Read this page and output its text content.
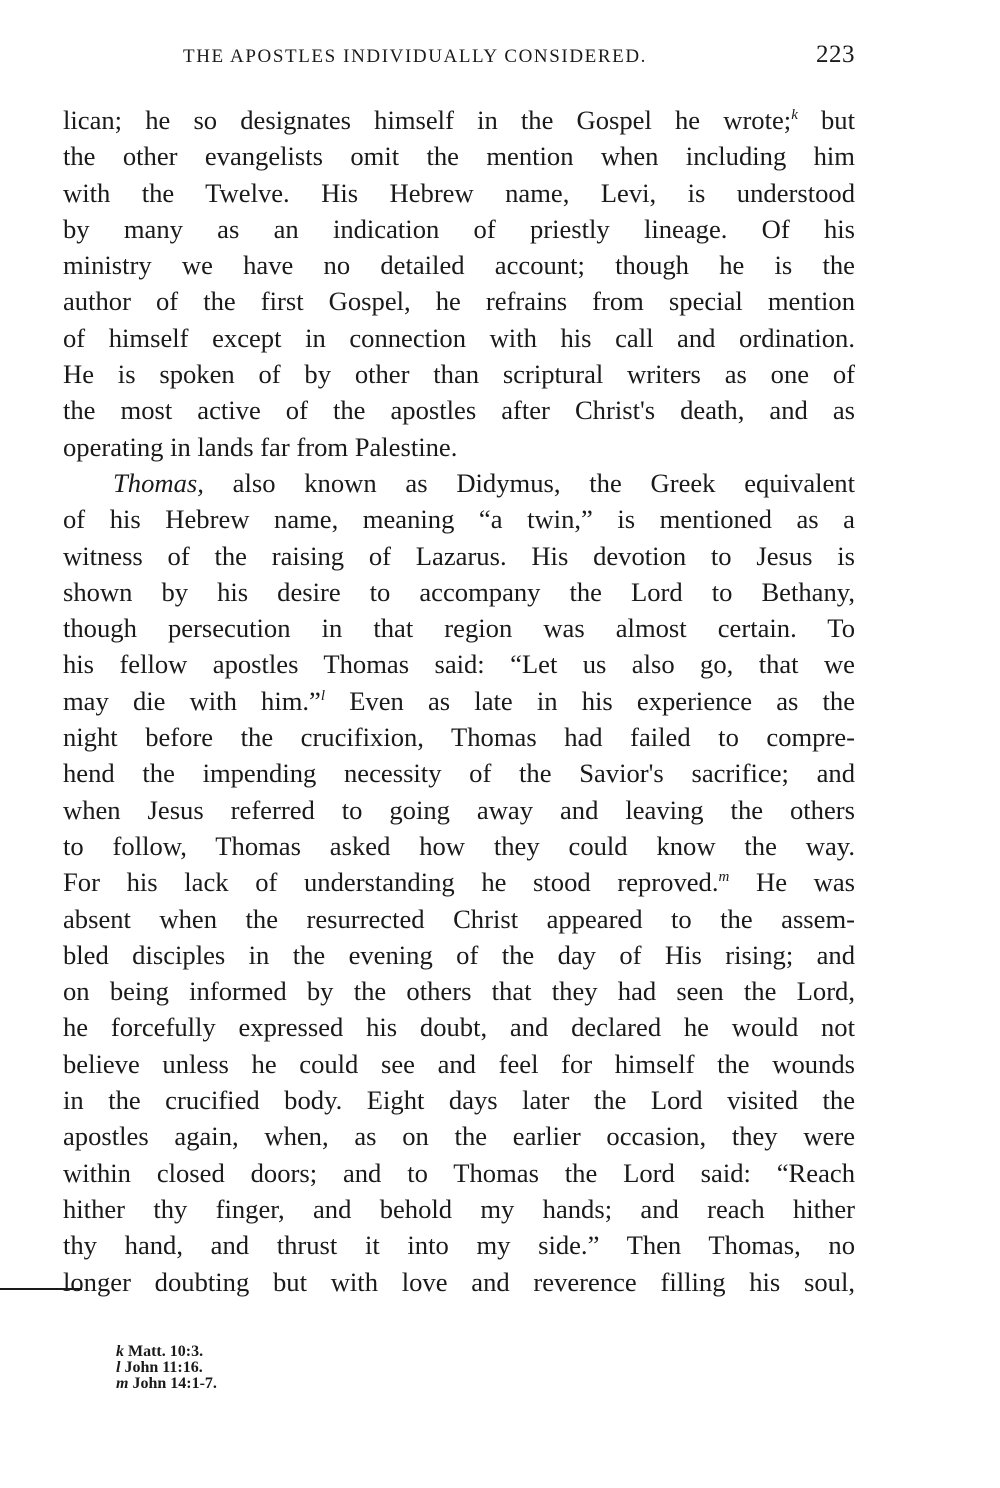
THE APOSTLES INDIVIDUALLY CONSIDERED.	223

lican; he so designates himself in the Gospel he wrote;$^k$ but
the other evangelists omit the mention when including him
with the Twelve. His Hebrew name, Levi, is understood
by many as an indication of priestly lineage. Of his
ministry we have no detailed account; though he is the
author of the first Gospel, he refrains from special mention
of himself except in connection with his call and ordination.
He is spoken of by other than scriptural writers as one of
the most active of the apostles after Christ's death, and as
operating in lands far from Palestine.

Thomas, also known as Didymus, the Greek equivalent
of his Hebrew name, meaning “a twin,” is mentioned as a
witness of the raising of Lazarus. His devotion to Jesus is
shown by his desire to accompany the Lord to Bethany,
though persecution in that region was almost certain. To
his fellow apostles Thomas said: “Let us also go, that we
may die with him.”$^l$ Even as late in his experience as the
night before the crucifixion, Thomas had failed to compre-
hend the impending necessity of the Savior's sacrifice; and
when Jesus referred to going away and leaving the others
to follow, Thomas asked how they could know the way.
For his lack of understanding he stood reproved.$^m$ He was
absent when the resurrected Christ appeared to the assem-
bled disciples in the evening of the day of His rising; and
on being informed by the others that they had seen the Lord,
he forcefully expressed his doubt, and declared he would not
believe unless he could see and feel for himself the wounds
in the crucified body. Eight days later the Lord visited the
apostles again, when, as on the earlier occasion, they were
within closed doors; and to Thomas the Lord said: “Reach
hither thy finger, and behold my hands; and reach hither
thy hand, and thrust it into my side.” Then Thomas, no
longer doubting but with love and reverence filling his soul,

k Matt. 10:3.
l John 11:16.
m John 14:1-7.
